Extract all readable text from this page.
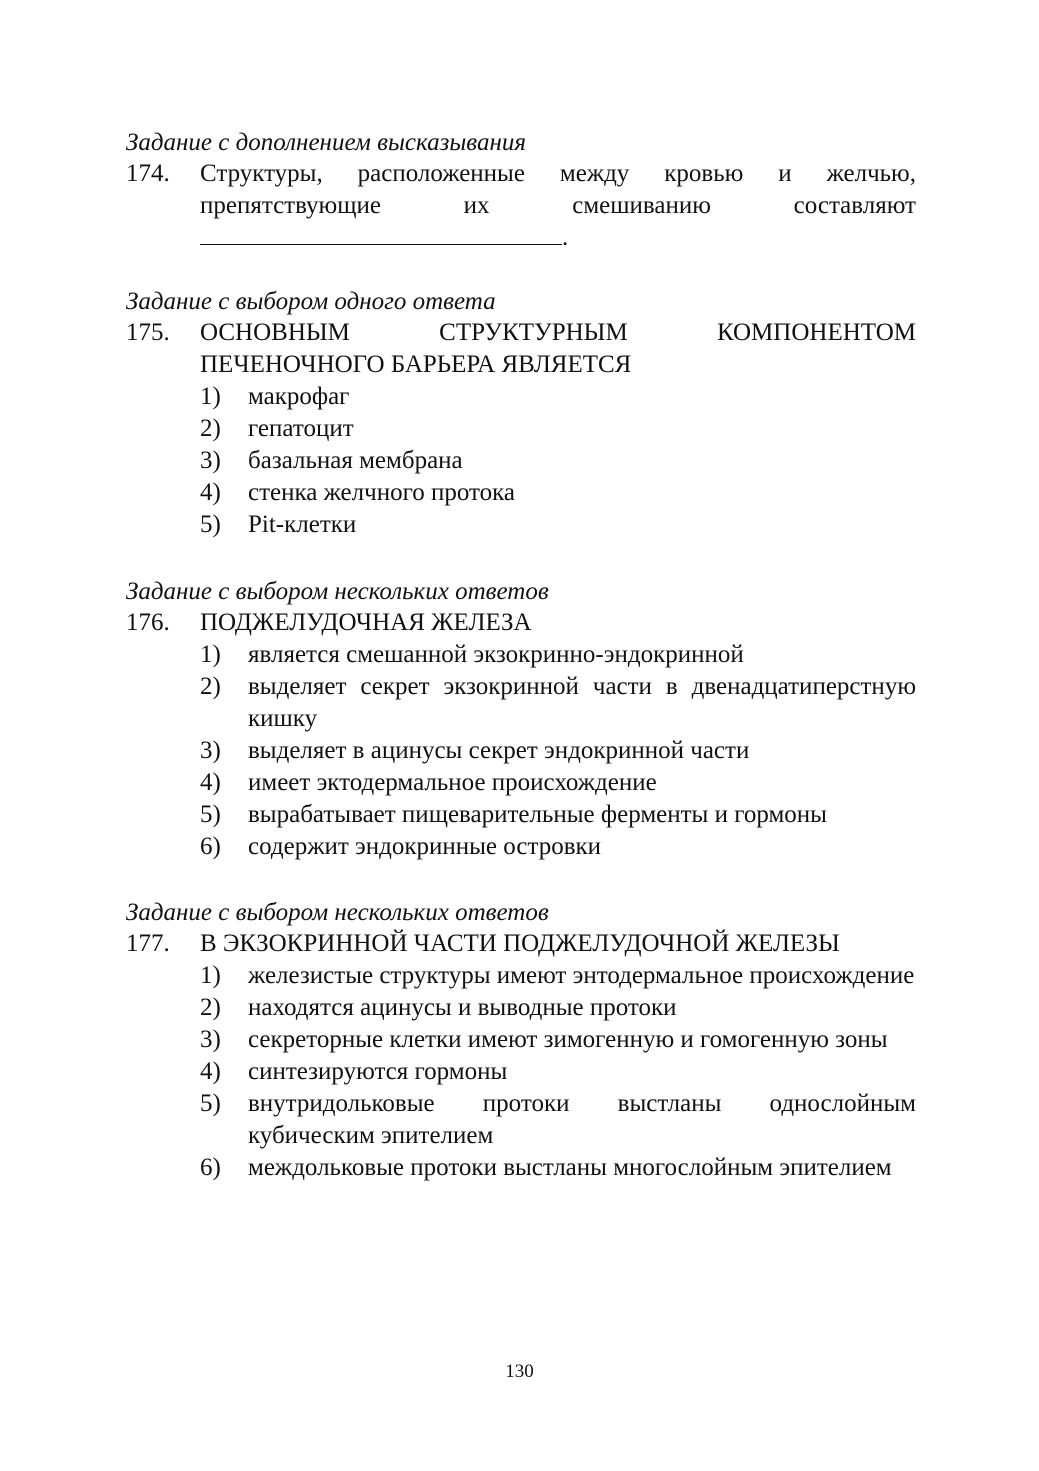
Задание с дополнением высказывания
174. Структуры, расположенные между кровью и желчью, препятствующие их смешиванию составляют
.
Задание с выбором одного ответа
175. ОСНОВНЫМ СТРУКТУРНЫМ КОМПОНЕНТОМ ПЕЧЕНОЧНОГО БАРЬЕРА ЯВЛЯЕТСЯ
1) макрофаг
2) гепатоцит
3) базальная мембрана
4) стенка желчного протока
5) Pit-клетки
Задание с выбором нескольких ответов
176. ПОДЖЕЛУДОЧНАЯ ЖЕЛЕЗА
1) является смешанной экзокринно-эндокринной
2) выделяет секрет экзокринной части в двенадцатиперстную кишку
3) выделяет в ацинусы секрет эндокринной части
4) имеет эктодермальное происхождение
5) вырабатывает пищеварительные ферменты и гормоны
6) содержит эндокринные островки
Задание с выбором нескольких ответов
177. В ЭКЗОКРИННОЙ ЧАСТИ ПОДЖЕЛУДОЧНОЙ ЖЕЛЕЗЫ
1) железистые структуры имеют энтодермальное происхождение
2) находятся ацинусы и выводные протоки
3) секреторные клетки имеют зимогенную и гомогенную зоны
4) синтезируются гормоны
5) внутридольковые протоки выстланы однослойным кубическим эпителием
6) междольковые протоки выстланы многослойным эпителием
130
